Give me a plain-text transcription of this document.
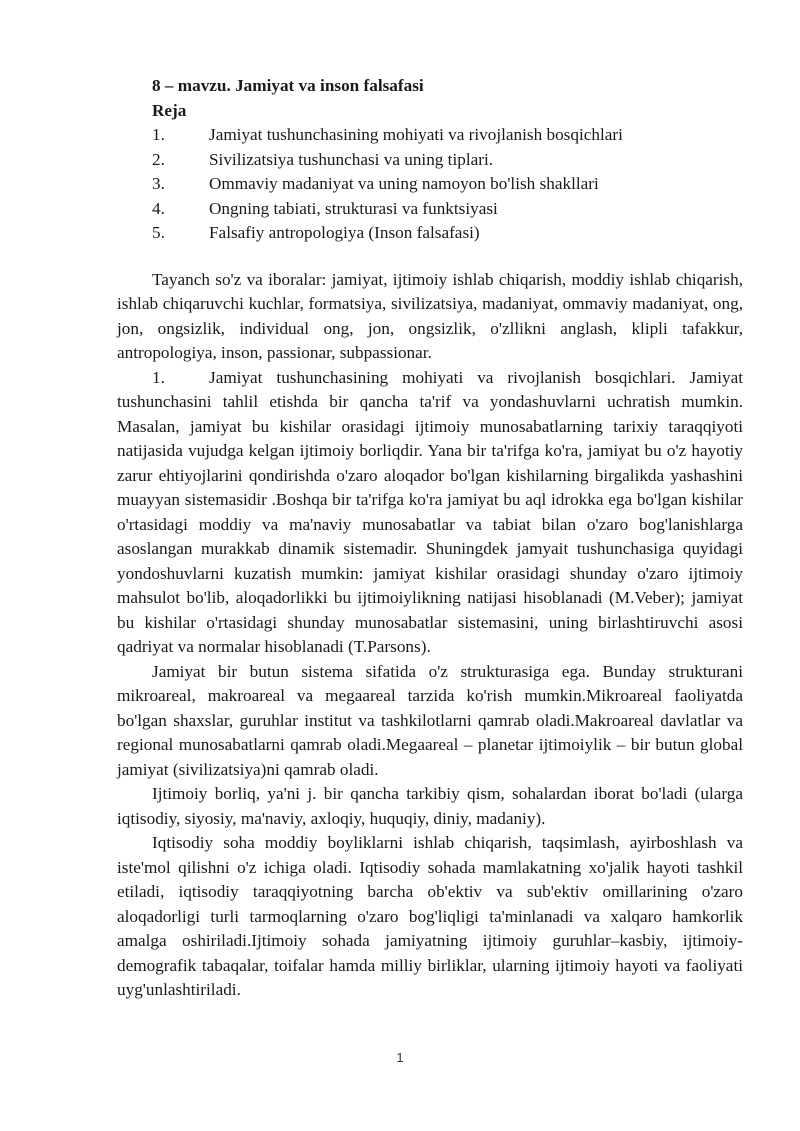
8 – mavzu. Jamiyat va inson falsafasi
Reja
1.	Jamiyat tushunchasining mohiyati va rivojlanish bosqichlari
2.	Sivilizatsiya tushunchasi va uning tiplari.
3.	Ommaviy madaniyat va uning namoyon bo'lish shakllari
4.	Ongning tabiati, strukturasi va funktsiyasi
5.	Falsafiy antropologiya (Inson falsafasi)

Tayanch so'z va iboralar: jamiyat, ijtimoiy ishlab chiqarish, moddiy ishlab chiqarish, ishlab chiqaruvchi kuchlar, formatsiya, sivilizatsiya, madaniyat, ommaviy madaniyat, ong, jon, ongsizlik, individual ong, jon, ongsizlik, o'zllikni anglash, klipli tafakkur, antropologiya, inson, passionar, subpassionar.

1.	Jamiyat tushunchasining mohiyati va rivojlanish bosqichlari. Jamiyat tushunchasini tahlil etishda bir qancha ta'rif va yondashuvlarni uchratish mumkin. Masalan, jamiyat bu kishilar orasidagi ijtimoiy munosabatlarning tarixiy taraqqiyoti natijasida vujudga kelgan ijtimoiy borliqdir. Yana bir ta'rifga ko'ra, jamiyat bu o'z hayotiy zarur ehtiyojlarini qondirishda o'zaro aloqador bo'lgan kishilarning birgalikda yashashini muayyan sistemasidir .Boshqa bir ta'rifga ko'ra jamiyat bu aql idrokka ega bo'lgan kishilar o'rtasidagi moddiy va ma'naviy munosabatlar va tabiat bilan o'zaro bog'lanishlarga asoslangan murakkab dinamik sistemadir. Shuningdek jamyait tushunchasiga quyidagi yondoshuvlarni kuzatish mumkin: jamiyat kishilar orasidagi shunday o'zaro ijtimoiy mahsulot bo'lib, aloqadorlikki bu ijtimoiylikning natijasi hisoblanadi (M.Veber); jamiyat bu kishilar o'rtasidagi shunday munosabatlar sistemasini, uning birlashtiruvchi asosi qadriyat va normalar hisoblanadi (T.Parsons).

Jamiyat bir butun sistema sifatida o'z strukturasiga ega. Bunday strukturani mikroareal, makroareal va megaareal tarzida ko'rish mumkin.Mikroareal faoliyatda bo'lgan shaxslar, guruhlar institut va tashkilotlarni qamrab oladi.Makroareal davlatlar va regional munosabatlarni qamrab oladi.Megaareal – planetar ijtimoiylik – bir butun global jamiyat (sivilizatsiya)ni qamrab oladi.

Ijtimoiy borliq, ya'ni j. bir qancha tarkibiy qism, sohalardan iborat bo'ladi (ularga iqtisodiy, siyosiy, ma'naviy, axloqiy, huquqiy, diniy, madaniy).

Iqtisodiy soha moddiy boyliklarni ishlab chiqarish, taqsimlash, ayirboshlash va iste'mol qilishni o'z ichiga oladi. Iqtisodiy sohada mamlakatning xo'jalik hayoti tashkil etiladi, iqtisodiy taraqqiyotning barcha ob'ektiv va sub'ektiv omillarining o'zaro aloqadorligi turli tarmoqlarning o'zaro bog'liqligi ta'minlanadi va xalqaro hamkorlik amalga oshiriladi.Ijtimoiy sohada jamiyatning ijtimoiy guruhlar–kasbiy, ijtimoiy-demografik tabaqalar, toifalar hamda milliy birliklar, ularning ijtimoiy hayoti va faoliyati uyg'unlashtiriladi.

1
